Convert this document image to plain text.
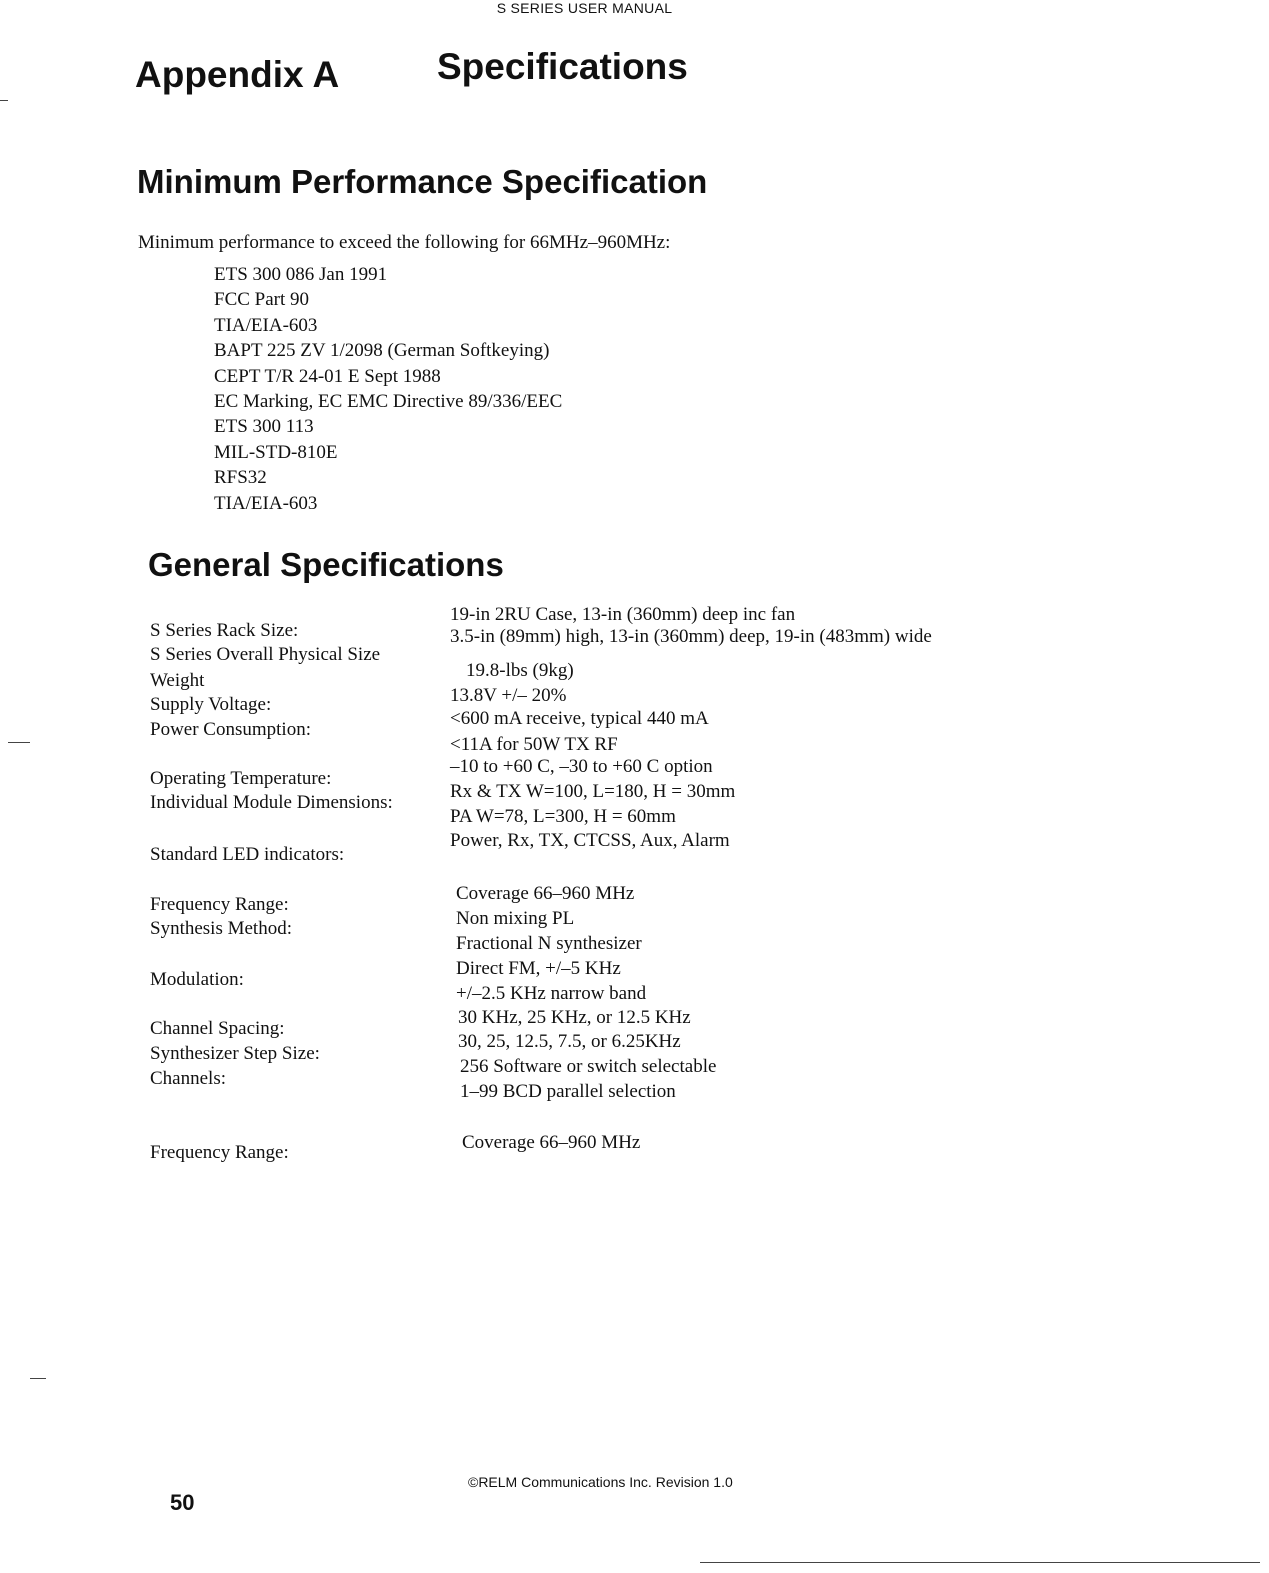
S SERIES USER MANUAL
Appendix A	Specifications
Minimum Performance Specification
Minimum performance to exceed the following for 66MHz–960MHz:
ETS 300 086 Jan 1991
FCC Part 90
TIA/EIA-603
BAPT 225 ZV 1/2098 (German Softkeying)
CEPT T/R 24-01 E Sept 1988
EC Marking, EC EMC Directive 89/336/EEC
ETS 300 113
MIL-STD-810E
RFS32
TIA/EIA-603
General Specifications
S Series Rack Size:
S Series Overall Physical Size
Weight
Supply Voltage:
Power Consumption:
Operating Temperature:
Individual Module Dimensions:
Standard LED indicators:
Frequency Range:
Synthesis Method:
Modulation:
Channel Spacing:
Synthesizer Step Size:
Channels:
Frequency Range:
19-in 2RU Case, 13-in (360mm) deep inc fan
3.5-in (89mm) high, 13-in (360mm) deep, 19-in (483mm) wide
19.8-lbs (9kg)
13.8V +/– 20%
<600 mA receive, typical 440 mA
<11A for 50W TX RF
–10 to +60 C, –30 to +60 C option
Rx & TX W=100, L=180, H = 30mm
PA W=78, L=300, H = 60mm
Power, Rx, TX, CTCSS, Aux, Alarm
Coverage 66–960 MHz
Non mixing PL
Fractional N synthesizer
Direct FM, +/–5 KHz
+/–2.5 KHz narrow band
30 KHz, 25 KHz, or 12.5 KHz
30, 25, 12.5, 7.5, or 6.25KHz
256 Software or switch selectable
1–99 BCD parallel selection
Coverage 66–960 MHz
50
©RELM Communications Inc. Revision 1.0
